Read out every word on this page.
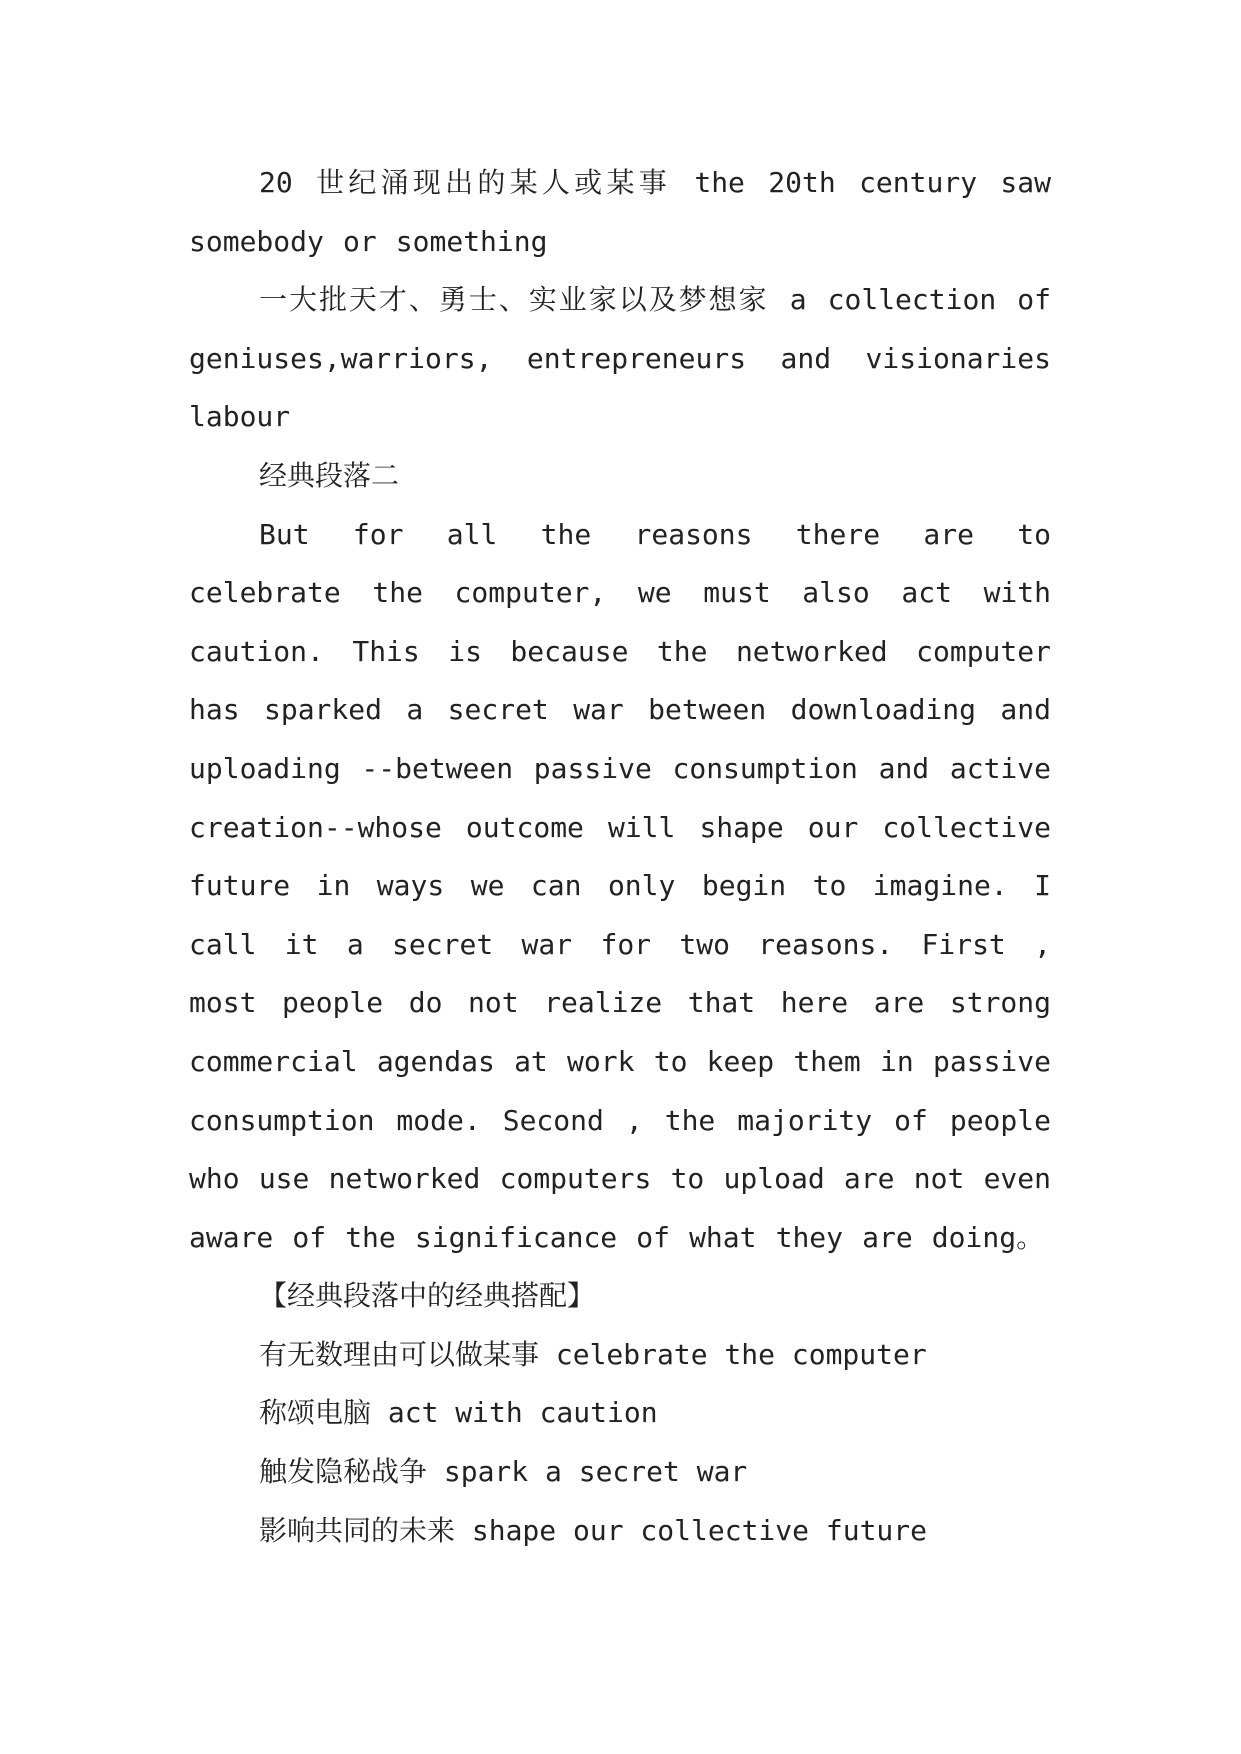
20 世纪涌现出的某人或某事 the 20th century saw somebody or something

一大批天才、勇士、实业家以及梦想家 a collection of geniuses,warriors, entrepreneurs and visionaries labour

经典段落二

But for all the reasons there are to celebrate the computer, we must also act with caution. This is because the networked computer has sparked a secret war between downloading and uploading --between passive consumption and active creation--whose outcome will shape our collective future in ways we can only begin to imagine. I call it a secret war for two reasons. First , most people do not realize that here are strong commercial agendas at work to keep them in passive consumption mode. Second , the majority of people who use networked computers to upload are not even aware of the significance of what they are doing。

【经典段落中的经典搭配】

有无数理由可以做某事 celebrate the computer

称颂电脑 act with caution

触发隐秘战争 spark a secret war

影响共同的未来 shape our collective future
